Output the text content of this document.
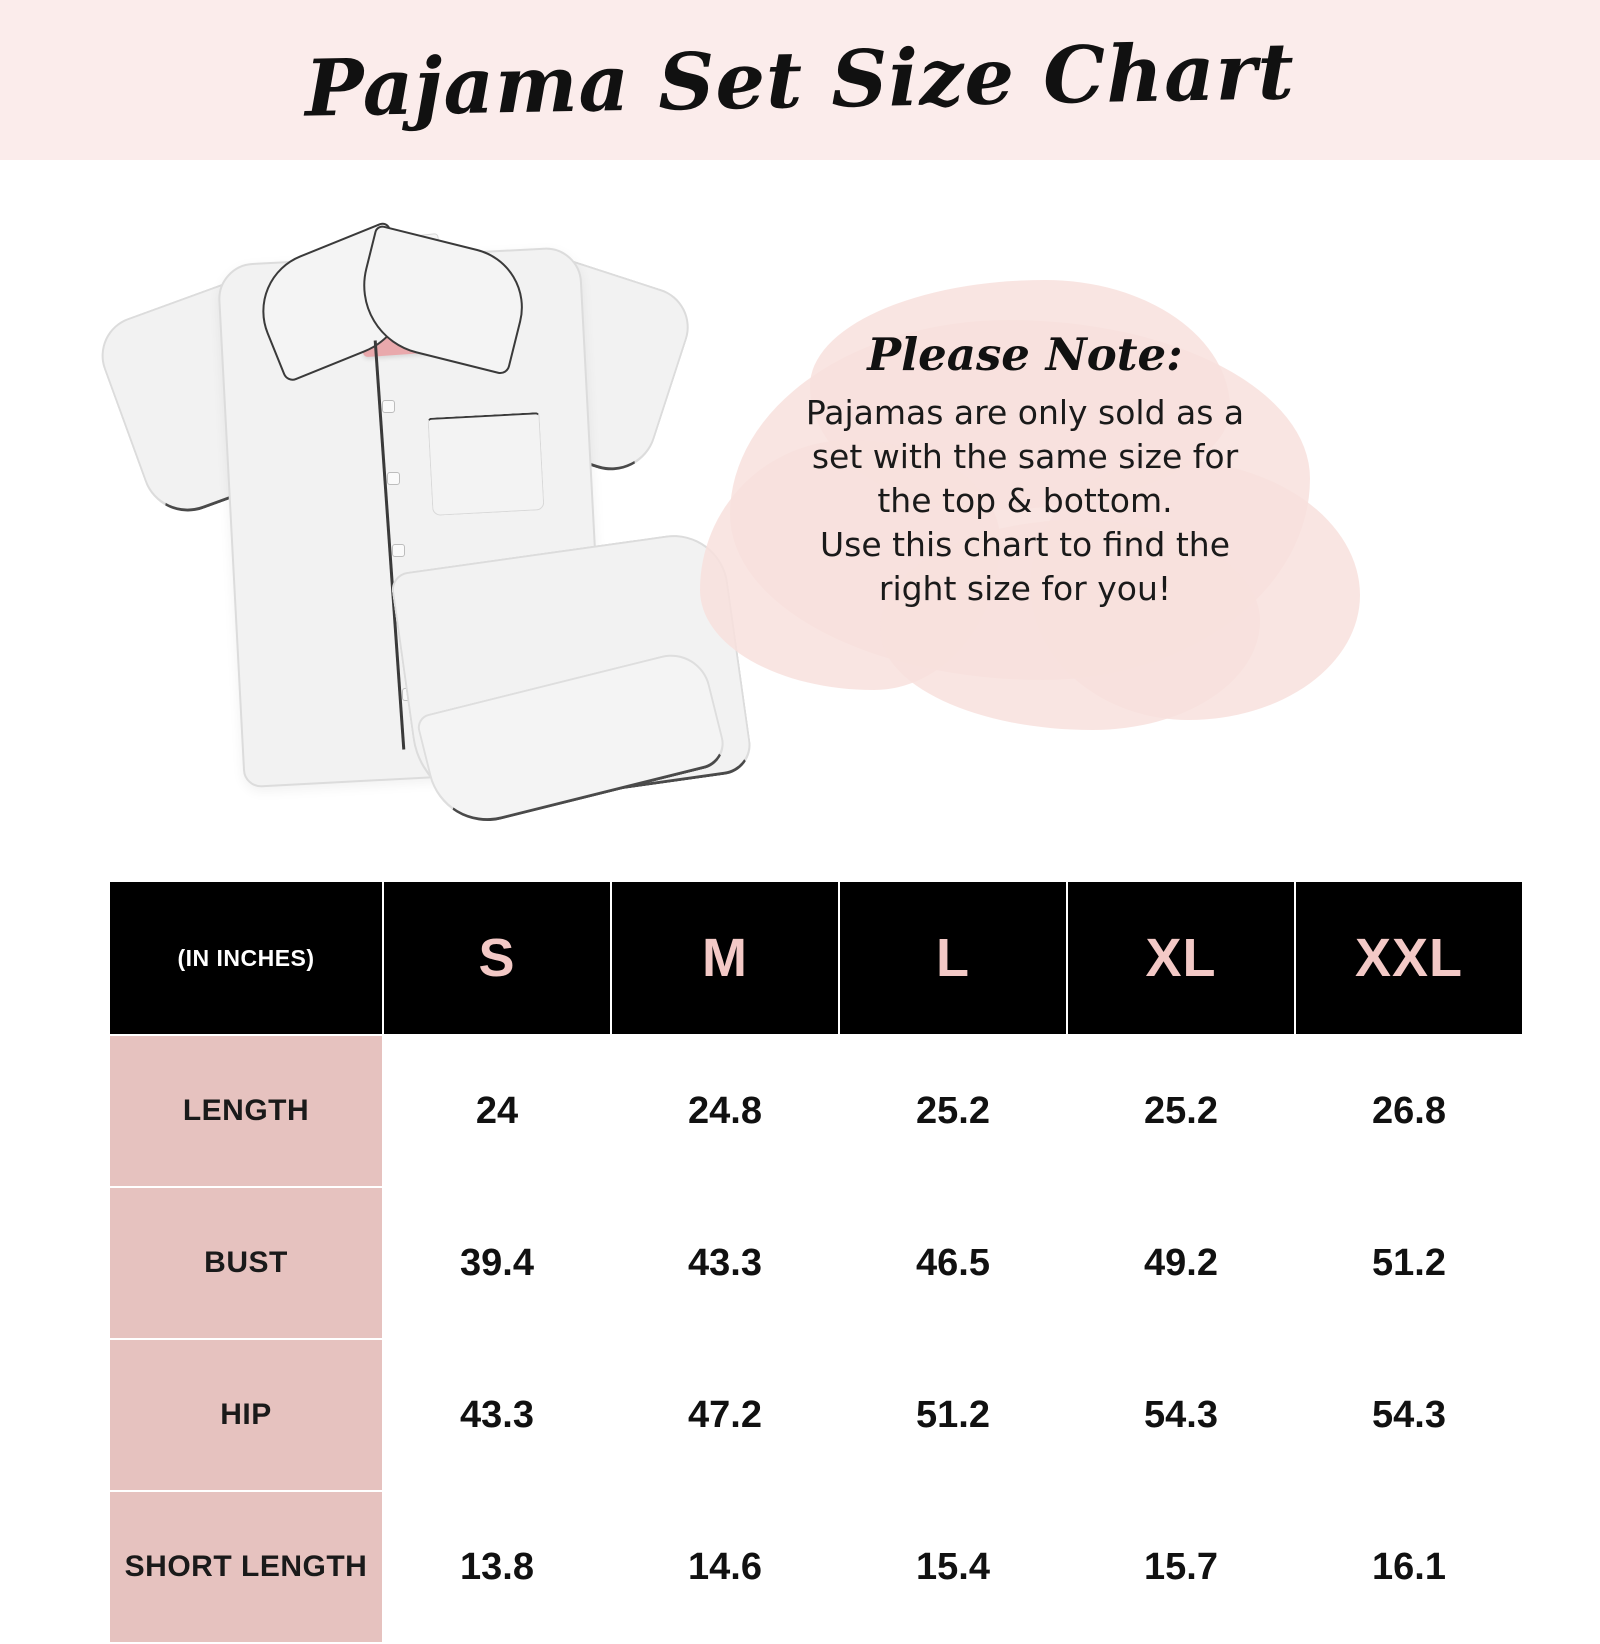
Pajama Set Size Chart
Please Note:
Pajamas are only sold as a
set with the same size for
the top & bottom.
Use this chart to find the
right size for you!
(IN INCHES)	S	M	L	XL	XXL
LENGTH	24	24.8	25.2	25.2	26.8
BUST	39.4	43.3	46.5	49.2	51.2
HIP	43.3	47.2	51.2	54.3	54.3
SHORT LENGTH	13.8	14.6	15.4	15.7	16.1
